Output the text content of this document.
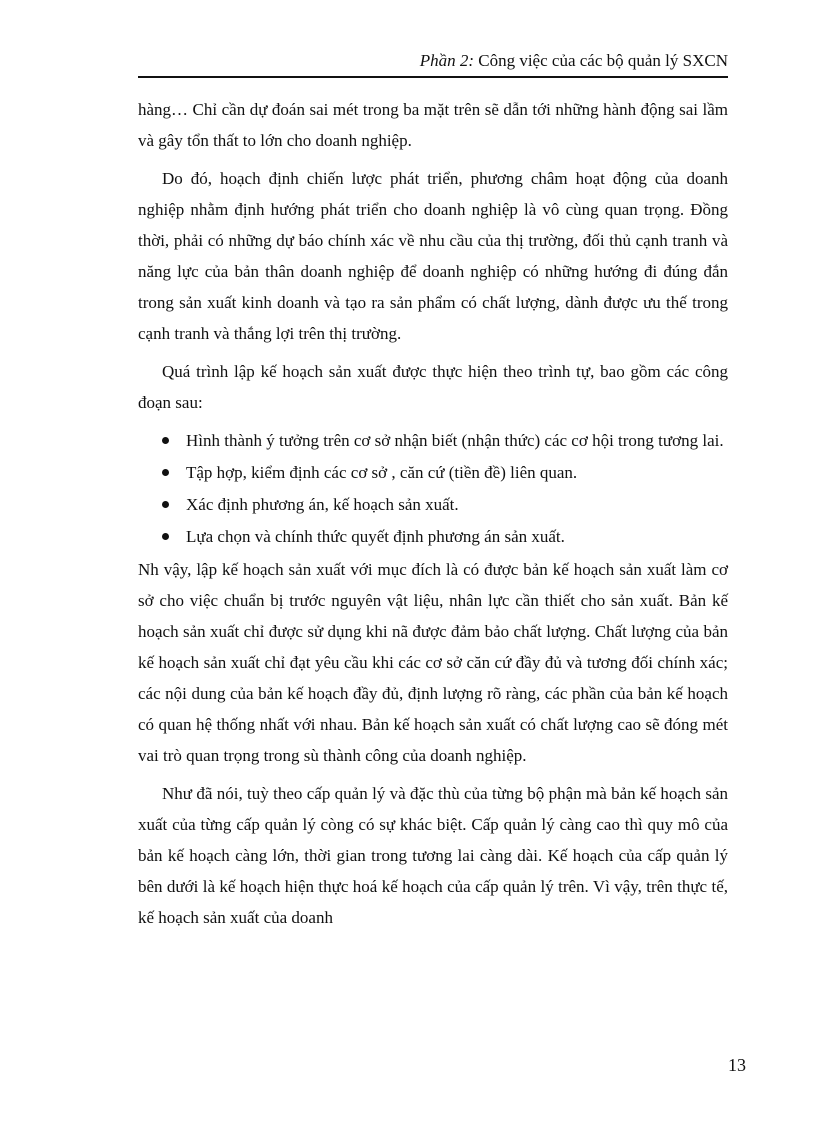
Phần 2: Công việc của các bộ quản lý SXCN

hàng… Chỉ cần dự đoán sai mét trong ba mặt trên sẽ dẫn tới những hành động sai lầm và gây tổn thất to lớn cho doanh nghiệp.

Do đó, hoạch định chiến lược phát triển, phương châm hoạt động của doanh nghiệp nhằm định hướng phát triển cho doanh nghiệp là vô cùng quan trọng. Đồng thời, phải có những dự báo chính xác về nhu cầu của thị trường, đối thủ cạnh tranh và năng lực của bản thân doanh nghiệp để doanh nghiệp có những hướng đi đúng đắn trong sản xuất kinh doanh và tạo ra sản phẩm có chất lượng, dành được ưu thế trong cạnh tranh và thắng lợi trên thị trường.

Quá trình lập kế hoạch sản xuất được thực hiện theo trình tự, bao gồm các công đoạn sau:

Hình thành ý tưởng trên cơ sở nhận biết (nhận thức) các cơ hội trong tương lai.
Tập hợp, kiểm định các cơ sở , căn cứ (tiền đề) liên quan.
Xác định phương án, kế hoạch sản xuất.
Lựa chọn và chính thức quyết định phương án sản xuất.

Nh vậy, lập kế hoạch sản xuất với mục đích là có được bản kế hoạch sản xuất làm cơ sở cho việc chuẩn bị trước nguyên vật liệu, nhân lực cần thiết cho sản xuất. Bản kế hoạch sản xuất chỉ được sử dụng khi nã được đảm bảo chất lượng. Chất lượng của bản kế hoạch sản xuất chỉ đạt yêu cầu khi các cơ sở căn cứ đầy đủ và tương đối chính xác; các nội dung của bản kế hoạch đầy đủ, định lượng rõ ràng, các phần của bản kế hoạch có quan hệ thống nhất với nhau. Bản kế hoạch sản xuất có chất lượng cao sẽ đóng mét vai trò quan trọng trong sù thành công của doanh nghiệp.

Như đã nói, tuỳ theo cấp quản lý và đặc thù của từng bộ phận mà bản kế hoạch sản xuất của từng cấp quản lý còng có sự khác biệt. Cấp quản lý càng cao thì quy mô của bản kế hoạch càng lớn, thời gian trong tương lai càng dài. Kế hoạch của cấp quản lý bên dưới là kế hoạch hiện thực hoá kế hoạch của cấp quản lý trên. Vì vậy, trên thực tế, kế hoạch sản xuất của doanh

13
